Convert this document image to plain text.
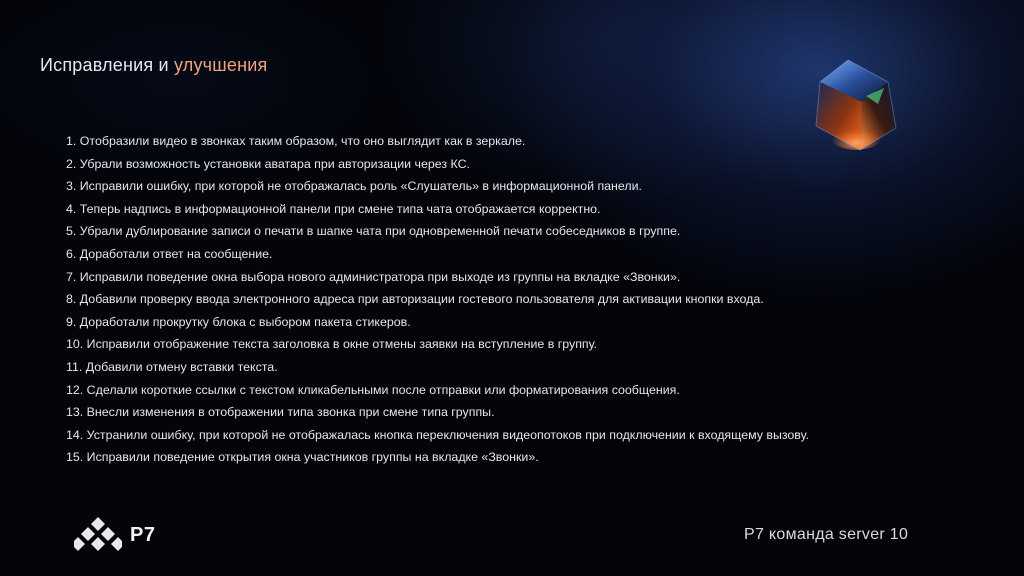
Исправления и улучшения
1. Отобразили видео в звонках таким образом, что оно выглядит как в зеркале.
2. Убрали возможность установки аватара при авторизации через КС.
3. Исправили ошибку, при которой не отображалась роль «Слушатель» в информационной панели.
4. Теперь надпись в информационной панели при смене типа чата отображается корректно.
5. Убрали дублирование записи о печати в шапке чата при одновременной печати собеседников в группе.
6. Доработали ответ на сообщение.
7. Исправили поведение окна выбора нового администратора при выходе из группы на вкладке «Звонки».
8. Добавили проверку ввода электронного адреса при авторизации гостевого пользователя для активации кнопки входа.
9. Доработали прокрутку блока с выбором пакета стикеров.
10. Исправили отображение текста заголовка в окне отмены заявки на вступление в группу.
11. Добавили отмену вставки текста.
12. Сделали короткие ссылки с текстом кликабельными после отправки или форматирования сообщения.
13. Внесли изменения в отображении типа звонка при смене типа группы.
14. Устранили ошибку, при которой не отображалась кнопка переключения видеопотоков при подключении к входящему вызову.
15. Исправили поведение открытия окна участников группы на вкладке «Звонки».
Р7	Р7 команда server 10
